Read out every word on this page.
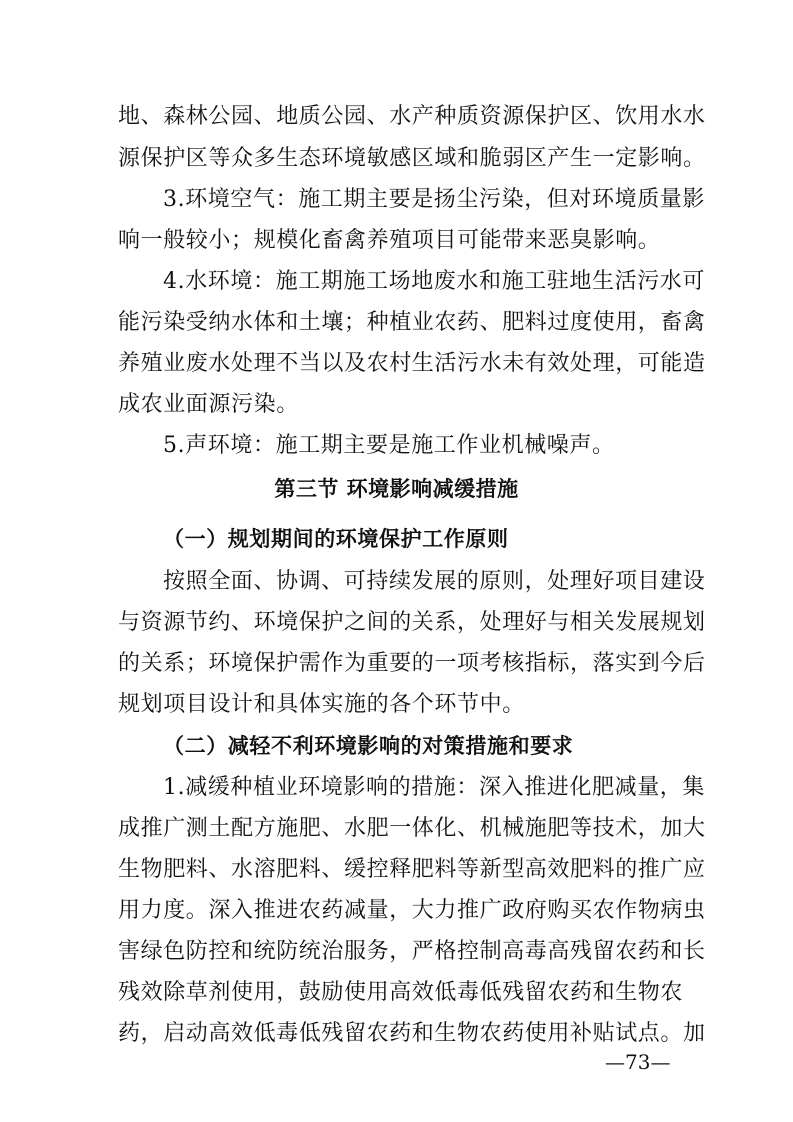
地、森林公园、地质公园、水产种质资源保护区、饮用水水
源保护区等众多生态环境敏感区域和脆弱区产生一定影响。
3.环境空气：施工期主要是扬尘污染，但对环境质量影
响一般较小；规模化畜禽养殖项目可能带来恶臭影响。
4.水环境：施工期施工场地废水和施工驻地生活污水可
能污染受纳水体和土壤；种植业农药、肥料过度使用，畜禽
养殖业废水处理不当以及农村生活污水未有效处理，可能造
成农业面源污染。
5.声环境：施工期主要是施工作业机械噪声。
第三节 环境影响减缓措施
（一）规划期间的环境保护工作原则
按照全面、协调、可持续发展的原则，处理好项目建设
与资源节约、环境保护之间的关系，处理好与相关发展规划
的关系；环境保护需作为重要的一项考核指标，落实到今后
规划项目设计和具体实施的各个环节中。
（二）减轻不利环境影响的对策措施和要求
1.减缓种植业环境影响的措施：深入推进化肥减量，集
成推广测土配方施肥、水肥一体化、机械施肥等技术，加大
生物肥料、水溶肥料、缓控释肥料等新型高效肥料的推广应
用力度。深入推进农药减量，大力推广政府购买农作物病虫
害绿色防控和统防统治服务，严格控制高毒高残留农药和长
残效除草剂使用，鼓励使用高效低毒低残留农药和生物农
药，启动高效低毒低残留农药和生物农药使用补贴试点。加
—73—
